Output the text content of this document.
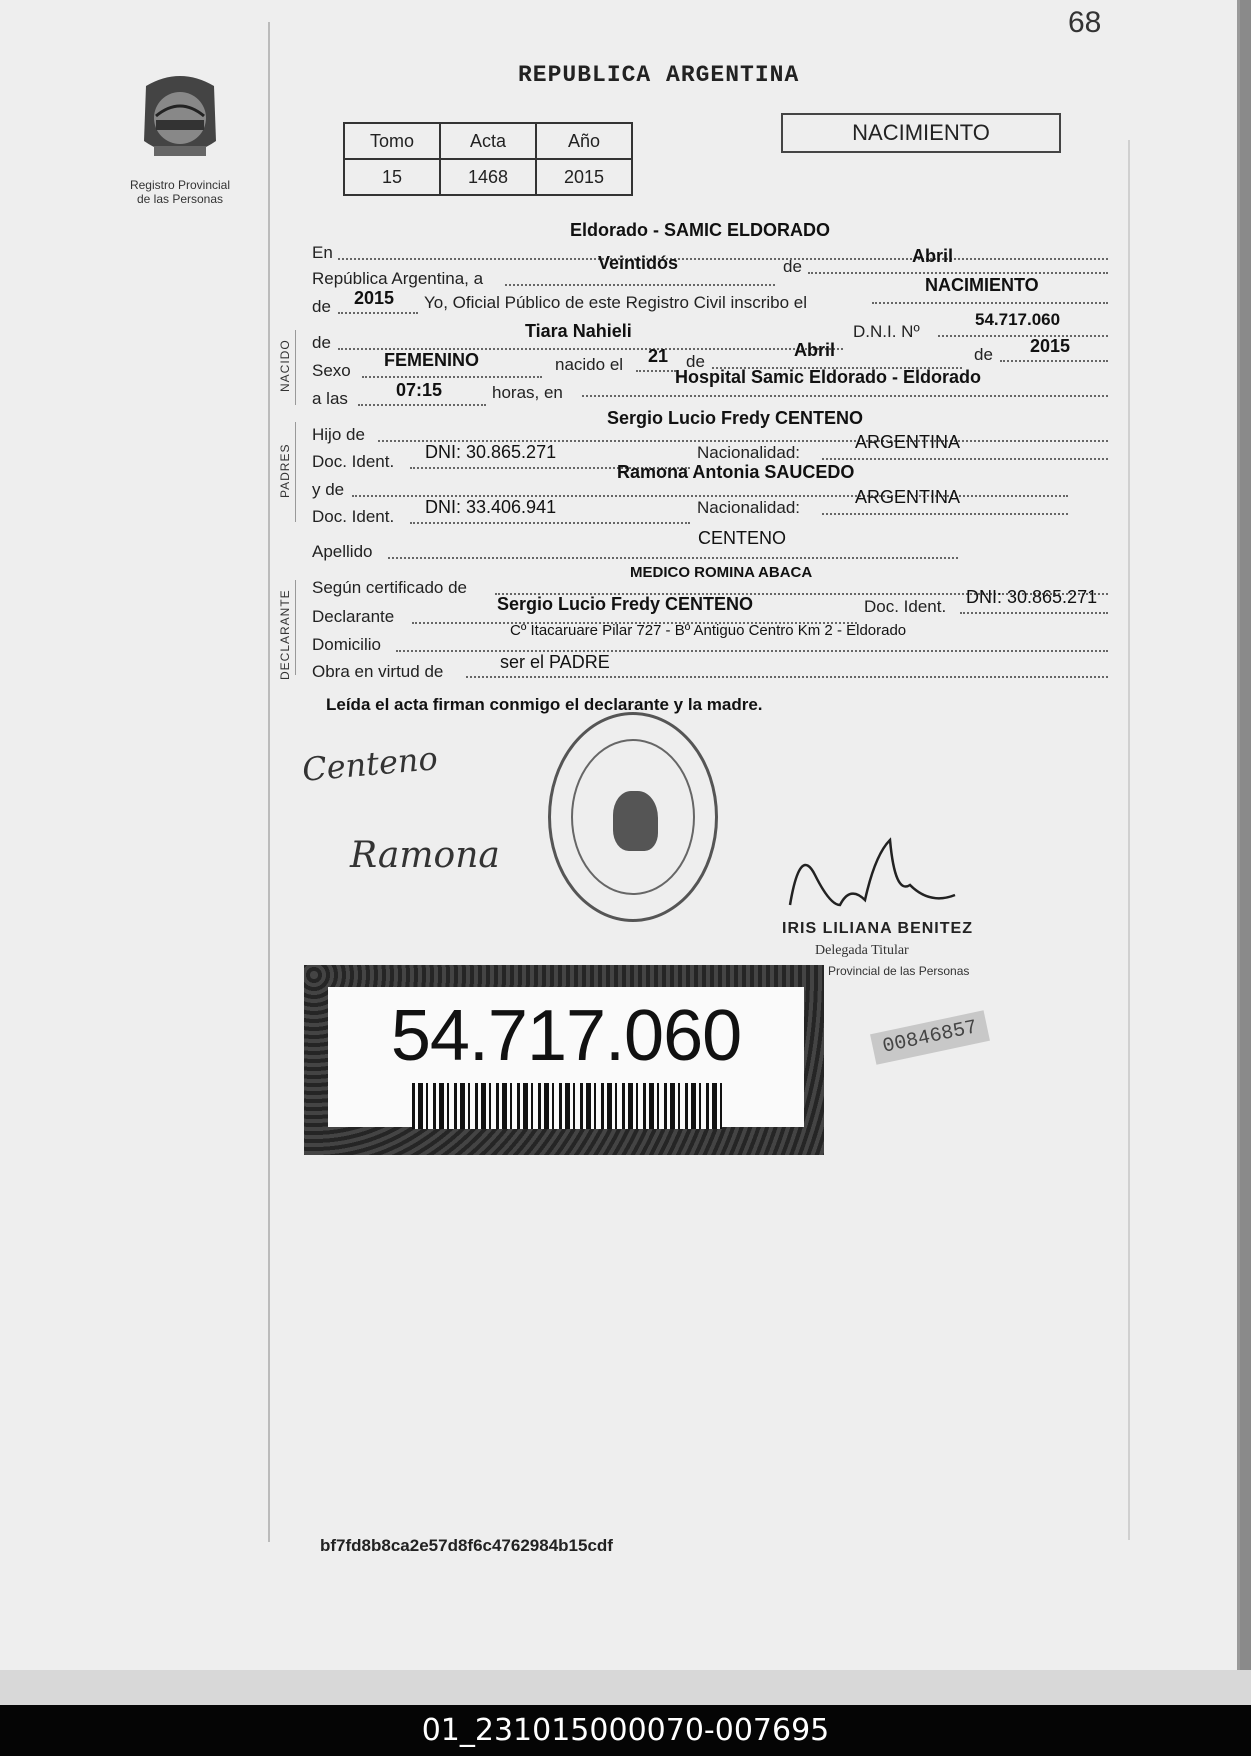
68
Registro Provincial
de las Personas
REPUBLICA ARGENTINA
Tomo	Acta	Año
15	1468	2015
NACIMIENTO
En
Eldorado - SAMIC ELDORADO
República Argentina, a
Veintidós	de
Abril
de 2015 Yo, Oficial Público de este Registro Civil inscribo el
NACIMIENTO
NACIDO de
Tiara Nahieli	D.N.I. Nº
54.717.060
Sexo
FEMENINO	nacido el 21 de
Abril	de 2015
a las	07:15	horas, en
Hospital Samic Eldorado - Eldorado
PADRES
Hijo de
Sergio Lucio Fredy CENTENO
Doc. Ident. DNI: 30.865.271	Nacionalidad:
ARGENTINA
y de
Ramona Antonia SAUCEDO
Doc. Ident. DNI: 33.406.941	Nacionalidad:
ARGENTINA
Apellido
CENTENO
DECLARANTE
Según certificado de
MEDICO ROMINA ABACA
Declarante
Sergio Lucio Fredy CENTENO	Doc. Ident. DNI: 30.865.271
Domicilio
Cº Itacaruare Pilar 727 - Bº Antiguo Centro Km 2 - Eldorado
Obra en virtud de	ser el PADRE
Leída el acta firman conmigo el declarante y la madre.
Centeno
Ramona
IRIS LILIANA BENITEZ
Delegada Titular
Provincial de las Personas
54.717.060	00846857
bf7fd8b8ca2e57d8f6c4762984b15cdf
01_231015000070-007695
